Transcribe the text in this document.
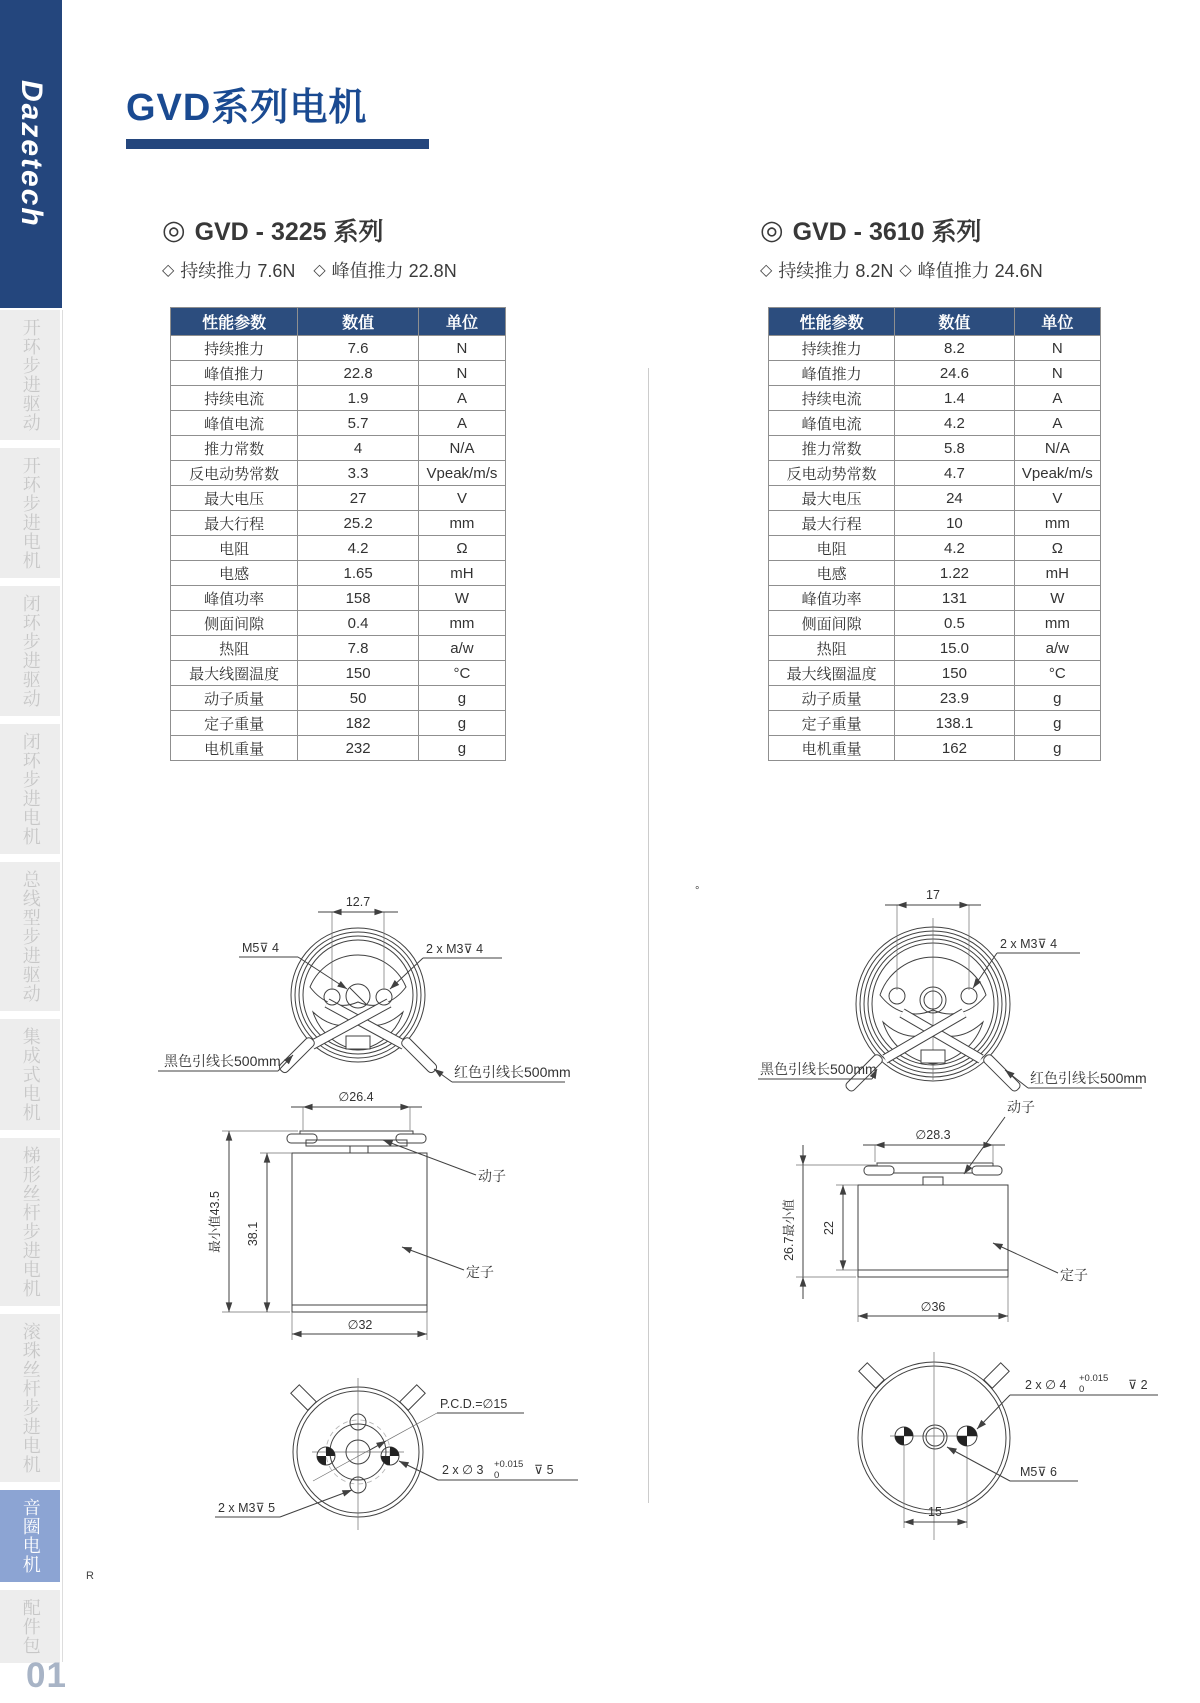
Dazetech
开环步进驱动
开环步进电机
闭环步进驱动
闭环步进电机
总线型步进驱动
集成式电机
梯形丝杆步进电机
滚珠丝杆步进电机
音圈电机
配件包
01
GVD系列电机
R
°
◎ GVD - 3225 系列
◇ 持续推力 7.6N ◇ 峰值推力 22.8N
◎ GVD - 3610 系列
◇ 持续推力 8.2N ◇ 峰值推力 24.6N
性能参数	数值	单位
持续推力	7.6	N
峰值推力	22.8	N
持续电流	1.9	A
峰值电流	5.7	A
推力常数	4	N/A
反电动势常数	3.3	Vpeak/m/s
最大电压	27	V
最大行程	25.2	mm
电阻	4.2	Ω
电感	1.65	mH
峰值功率	158	W
侧面间隙	0.4	mm
热阻	7.8	a/w
最大线圈温度	150	°C
动子质量	50	g
定子重量	182	g
电机重量	232	g
性能参数	数值	单位
持续推力	8.2	N
峰值推力	24.6	N
持续电流	1.4	A
峰值电流	4.2	A
推力常数	5.8	N/A
反电动势常数	4.7	Vpeak/m/s
最大电压	24	V
最大行程	10	mm
电阻	4.2	Ω
电感	1.22	mH
峰值功率	131	W
侧面间隙	0.5	mm
热阻	15.0	a/w
最大线圈温度	150	°C
动子质量	23.9	g
定子重量	138.1	g
电机重量	162	g
12.7
M5⊽ 4	2 x M3⊽ 4
黑色引线长500mm
红色引线长500mm
∅26.4
最小值43.5 38.1
∅32
动子
定子
P.C.D.=∅15
2 x ∅ 3 +0.015
0	⊽ 5
2 x M3⊽ 5
17
2 x M3⊽ 4
黑色引线长500mm
红色引线长500mm
∅28.3
26.7最小值 22
∅36
动子
定子
15
2 x ∅ 4 +0.015
0	⊽ 2
M5⊽ 6
